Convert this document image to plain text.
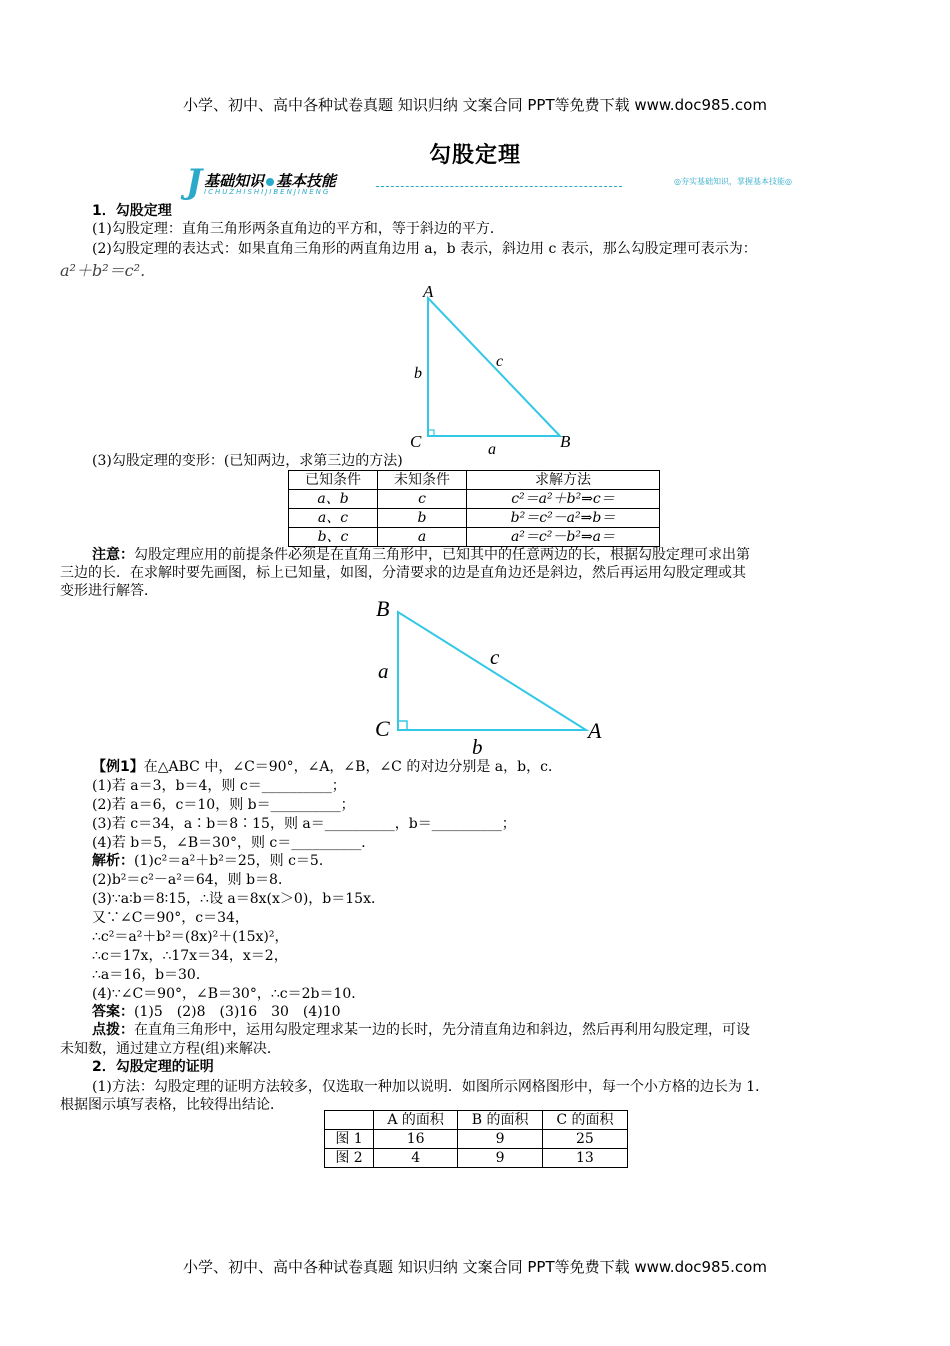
小学、初中、高中各种试卷真题 知识归纳 文案合同 PPT等免费下载 www.doc985.com
勾股定理
J 基础知识 基本技能
ICHUZHISHIJIBENJINENG
◎夯实基础知识，掌握基本技能◎
1．勾股定理
(1)勾股定理：直角三角形两条直角边的平方和，等于斜边的平方．
(2)勾股定理的表达式：如果直角三角形的两直角边用 a，b 表示，斜边用 c 表示，那么勾股定理可表示为：
a²＋b²＝c²．
A
b
c
C	a	B
(3)勾股定理的变形：(已知两边，求第三边的方法)
已知条件	未知条件	求解方法
a、b	c	c²＝a²＋b²⇒c＝
a、c	b	b²＝c²－a²⇒b＝
b、c	a	a²＝c²－b²⇒a＝
注意：勾股定理应用的前提条件必须是在直角三角形中，已知其中的任意两边的长，根据勾股定理可求出第
三边的长．在求解时要先画图，标上已知量，如图，分清要求的边是直角边还是斜边，然后再运用勾股定理或其
变形进行解答．
B
a
c
C
b
A
【例1】在△ABC 中，∠C＝90°，∠A，∠B，∠C 的对边分别是 a，b，c．
(1)若 a＝3，b＝4，则 c＝__________；
(2)若 a＝6，c＝10，则 b＝__________；
(3)若 c＝34，a∶b＝8∶15，则 a＝__________，b＝__________；
(4)若 b＝5，∠B＝30°，则 c＝__________．
解析：(1)c²＝a²＋b²＝25，则 c＝5．
(2)b²＝c²－a²＝64，则 b＝8．
(3)∵a∶b＝8∶15，∴设 a＝8x(x＞0)，b＝15x．
又∵∠C＝90°，c＝34，
∴c²＝a²＋b²＝(8x)²＋(15x)²，
∴c＝17x，∴17x＝34，x＝2，
∴a＝16，b＝30．
(4)∵∠C＝90°，∠B＝30°，∴c＝2b＝10．
答案：(1)5　(2)8　(3)16　30　(4)10
点拨：在直角三角形中，运用勾股定理求某一边的长时，先分清直角边和斜边，然后再利用勾股定理，可设
未知数，通过建立方程(组)来解决．
2．勾股定理的证明
(1)方法：勾股定理的证明方法较多，仅选取一种加以说明．如图所示网格图形中，每一个小方格的边长为 1．
根据图示填写表格，比较得出结论．
	A 的面积	B 的面积	C 的面积
图 1	16	9	25
图 2	4	9	13
小学、初中、高中各种试卷真题 知识归纳 文案合同 PPT等免费下载 www.doc985.com
